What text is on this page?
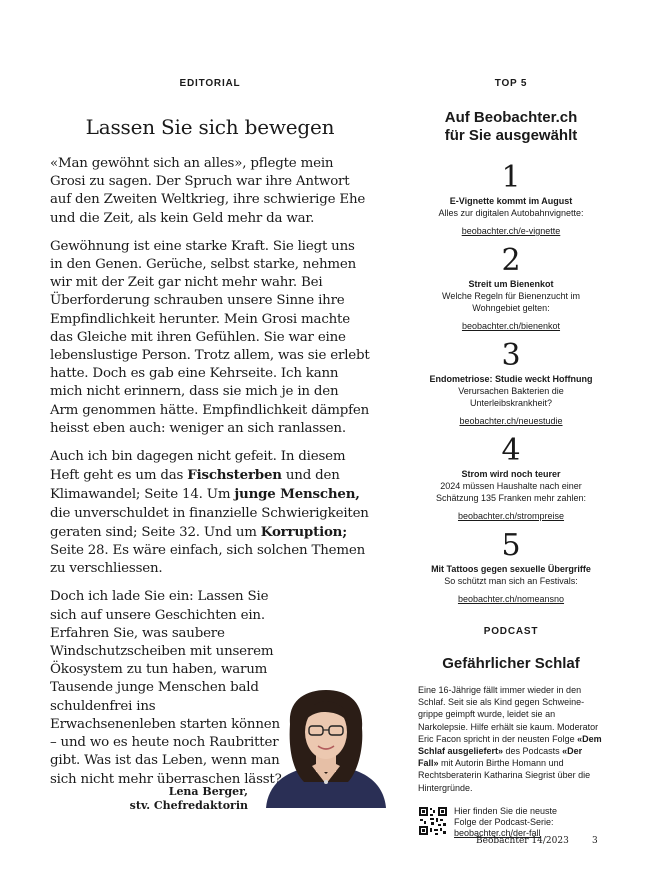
EDITORIAL
Lassen Sie sich bewegen

«Man gewöhnt sich an alles», pflegte mein Grosi zu sagen. Der Spruch war ihre Antwort auf den Zweiten Weltkrieg, ihre schwierige Ehe und die Zeit, als kein Geld mehr da war.

Gewöhnung ist eine starke Kraft. Sie liegt uns in den Genen. Gerüche, selbst starke, nehmen wir mit der Zeit gar nicht mehr wahr. Bei Überforderung schrauben unsere Sinne ihre Empfindlichkeit herunter. Mein Grosi machte das Gleiche mit ihren Gefühlen. Sie war eine lebenslustige Person. Trotz allem, was sie erlebt hatte. Doch es gab eine Kehrseite. Ich kann mich nicht erinnern, dass sie mich je in den Arm genommen hätte. Empfindlichkeit dämpfen heisst eben auch: weniger an sich ranlassen.

Auch ich bin dagegen nicht gefeit. In diesem Heft geht es um das Fischsterben und den Klimawandel; Seite 14. Um junge Menschen, die unverschuldet in finanzielle Schwierigkeiten geraten sind; Seite 32. Und um Korruption; Seite 28. Es wäre einfach, sich solchen Themen zu verschliessen.

Doch ich lade Sie ein: Lassen Sie sich auf unsere Geschichten ein. Erfahren Sie, was saubere Windschutzscheiben mit unserem Ökosystem zu tun haben, warum Tausende junge Menschen bald schuldenfrei ins Erwachsenenleben starten können – und wo es heute noch Raubritter gibt. Was ist das Leben, wenn man sich nicht mehr überraschen lässt?

Lena Berger,
stv. Chefredaktorin
TOP 5
Auf Beobachter.ch
für Sie ausgewählt
1
E-Vignette kommt im August
Alles zur digitalen Autobahnvignette:
beobachter.ch/e-vignette
2
Streit um Bienenkot
Welche Regeln für Bienenzucht im Wohngebiet gelten:
beobachter.ch/bienenkot
3
Endometriose: Studie weckt Hoffnung
Verursachen Bakterien die Unterleibskrankheit?
beobachter.ch/neuestudie
4
Strom wird noch teurer
2024 müssen Haushalte nach einer Schätzung 135 Franken mehr zahlen:
beobachter.ch/strompreise
5
Mit Tattoos gegen sexuelle Übergriffe
So schützt man sich an Festivals:
beobachter.ch/nomeansno
PODCAST
Gefährlicher Schlaf

Eine 16-Jährige fällt immer wieder in den Schlaf. Seit sie als Kind gegen Schweinegrippe geimpft wurde, leidet sie an Narkolepsie. Hilfe erhält sie kaum. Moderator Eric Facon spricht in der neusten Folge «Dem Schlaf ausgeliefert» des Podcasts «Der Fall» mit Autorin Birthe Homann und Rechtsberaterin Katharina Siegrist über die Hintergründe.

Hier finden Sie die neuste
Folge der Podcast-Serie:
beobachter.ch/der-fall
Beobachter 14/2023	3
